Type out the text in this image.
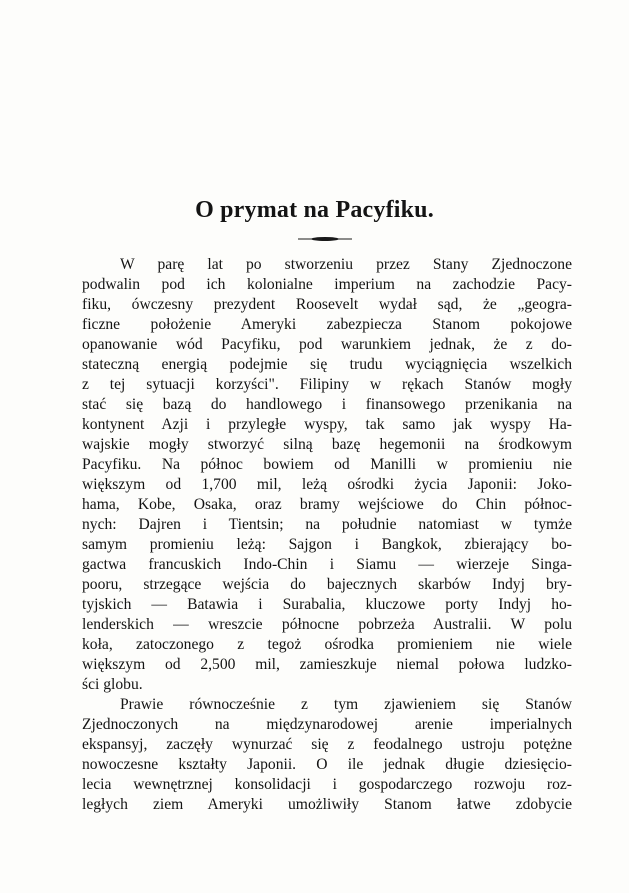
O prymat na Pacyfiku.
W parę lat po stworzeniu przez Stany Zjednoczone
podwalin pod ich kolonialne imperium na zachodzie Pacy-
fiku, ówczesny prezydent Roosevelt wydał sąd, że „geogra-
ficzne położenie Ameryki zabezpiecza Stanom pokojowe
opanowanie wód Pacyfiku, pod warunkiem jednak, że z do-
stateczną energią podejmie się trudu wyciągnięcia wszelkich
z tej sytuacji korzyści". Filipiny w rękach Stanów mogły
stać się bazą do handlowego i finansowego przenikania na
kontynent Azji i przyległe wyspy, tak samo jak wyspy Ha-
wajskie mogły stworzyć silną bazę hegemonii na środkowym
Pacyfiku. Na północ bowiem od Manilli w promieniu nie
większym od 1,700 mil, leżą ośrodki życia Japonii: Joko-
hama, Kobe, Osaka, oraz bramy wejściowe do Chin północ-
nych: Dajren i Tientsin; na południe natomiast w tymże
samym promieniu leżą: Sajgon i Bangkok, zbierający bo-
gactwa francuskich Indo-Chin i Siamu — wierzeje Singa-
pooru, strzegące wejścia do bajecznych skarbów Indyj bry-
tyjskich — Batawia i Surabalia, kluczowe porty Indyj ho-
lenderskich — wreszcie północne pobrzeża Australii. W polu
koła, zatoczonego z tegoż ośrodka promieniem nie wiele
większym od 2,500 mil, zamieszkuje niemal połowa ludzko-
ści globu.
Prawie równocześnie z tym zjawieniem się Stanów
Zjednoczonych na międzynarodowej arenie imperialnych
ekspansyj, zaczęły wynurzać się z feodalnego ustroju potężne
nowoczesne kształty Japonii. O ile jednak długie dziesięcio-
lecia wewnętrznej konsolidacji i gospodarczego rozwoju roz-
ległych ziem Ameryki umożliwiły Stanom łatwe zdobycie
